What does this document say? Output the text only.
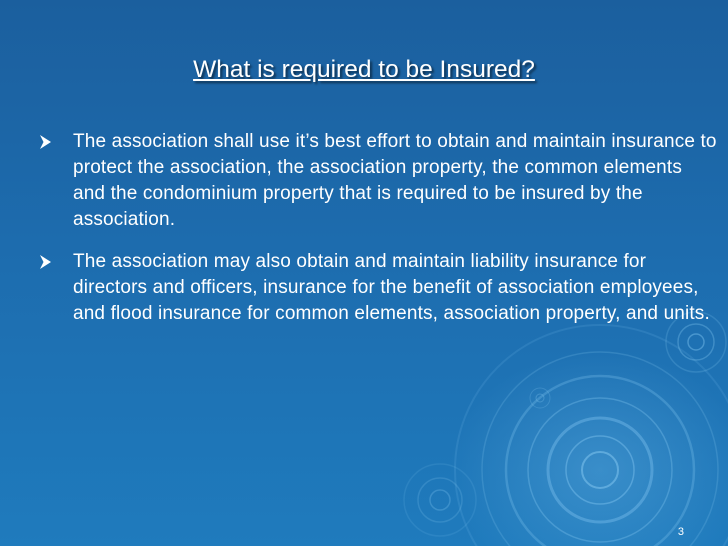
What is required to be Insured?
The association shall use it’s best effort to obtain and maintain insurance to protect the association, the association property, the common elements and the condominium property that is required to be insured by the association.
The association may also obtain and maintain liability insurance for directors and officers, insurance for the benefit of association employees, and flood insurance for common elements, association property, and units.
3
